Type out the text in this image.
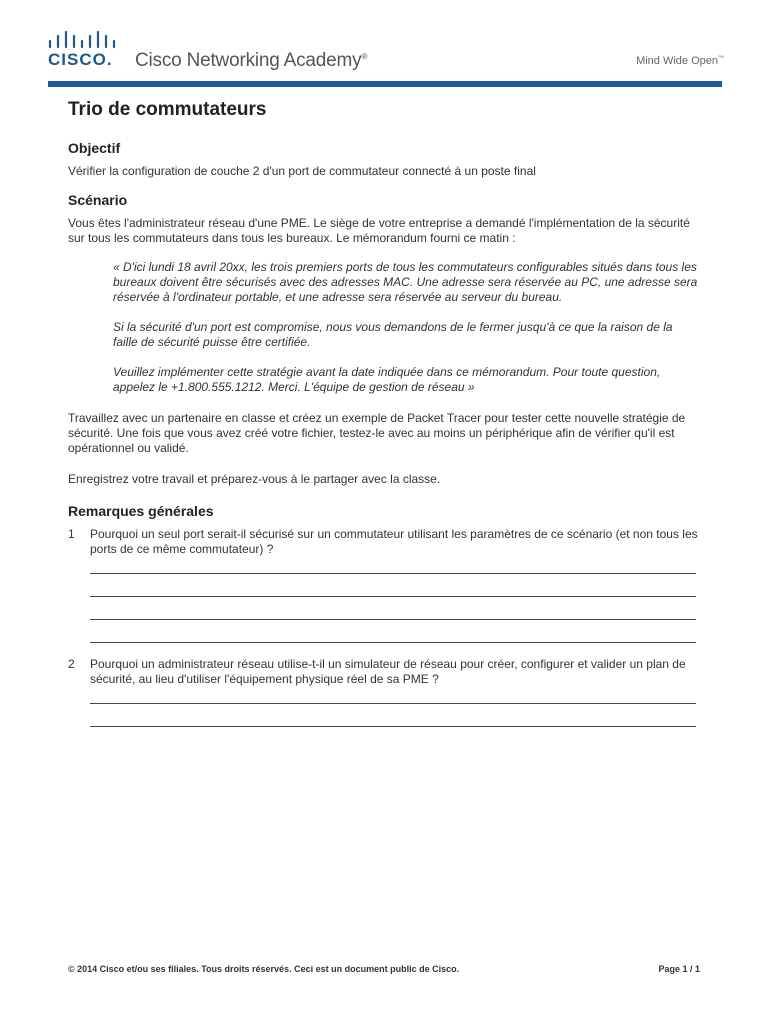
CISCO. Cisco Networking Academy®	Mind Wide Open™
Trio de commutateurs
Objectif

Vérifier la configuration de couche 2 d'un port de commutateur connecté à un poste final

Scénario

Vous êtes l'administrateur réseau d'une PME. Le siège de votre entreprise a demandé l'implémentation de la sécurité sur tous les commutateurs dans tous les bureaux. Le mémorandum fourni ce matin :

« D'ici lundi 18 avril 20xx, les trois premiers ports de tous les commutateurs configurables situés dans tous les bureaux doivent être sécurisés avec des adresses MAC. Une adresse sera réservée au PC, une adresse sera réservée à l'ordinateur portable, et une adresse sera réservée au serveur du bureau.

Si la sécurité d'un port est compromise, nous vous demandons de le fermer jusqu'à ce que la raison de la faille de sécurité puisse être certifiée.

Veuillez implémenter cette stratégie avant la date indiquée dans ce mémorandum. Pour toute question, appelez le +1.800.555.1212. Merci. L'équipe de gestion de réseau »

Travaillez avec un partenaire en classe et créez un exemple de Packet Tracer pour tester cette nouvelle stratégie de sécurité. Une fois que vous avez créé votre fichier, testez-le avec au moins un périphérique afin de vérifier qu'il est opérationnel ou validé.

Enregistrez votre travail et préparez-vous à le partager avec la classe.

Remarques générales
1 Pourquoi un seul port serait-il sécurisé sur un commutateur utilisant les paramètres de ce scénario (et non tous les ports de ce même commutateur) ?

2 Pourquoi un administrateur réseau utilise-t-il un simulateur de réseau pour créer, configurer et valider un plan de sécurité, au lieu d'utiliser l'équipement physique réel de sa PME ?

© 2014 Cisco et/ou ses filiales. Tous droits réservés. Ceci est un document public de Cisco.	Page 1 / 1
